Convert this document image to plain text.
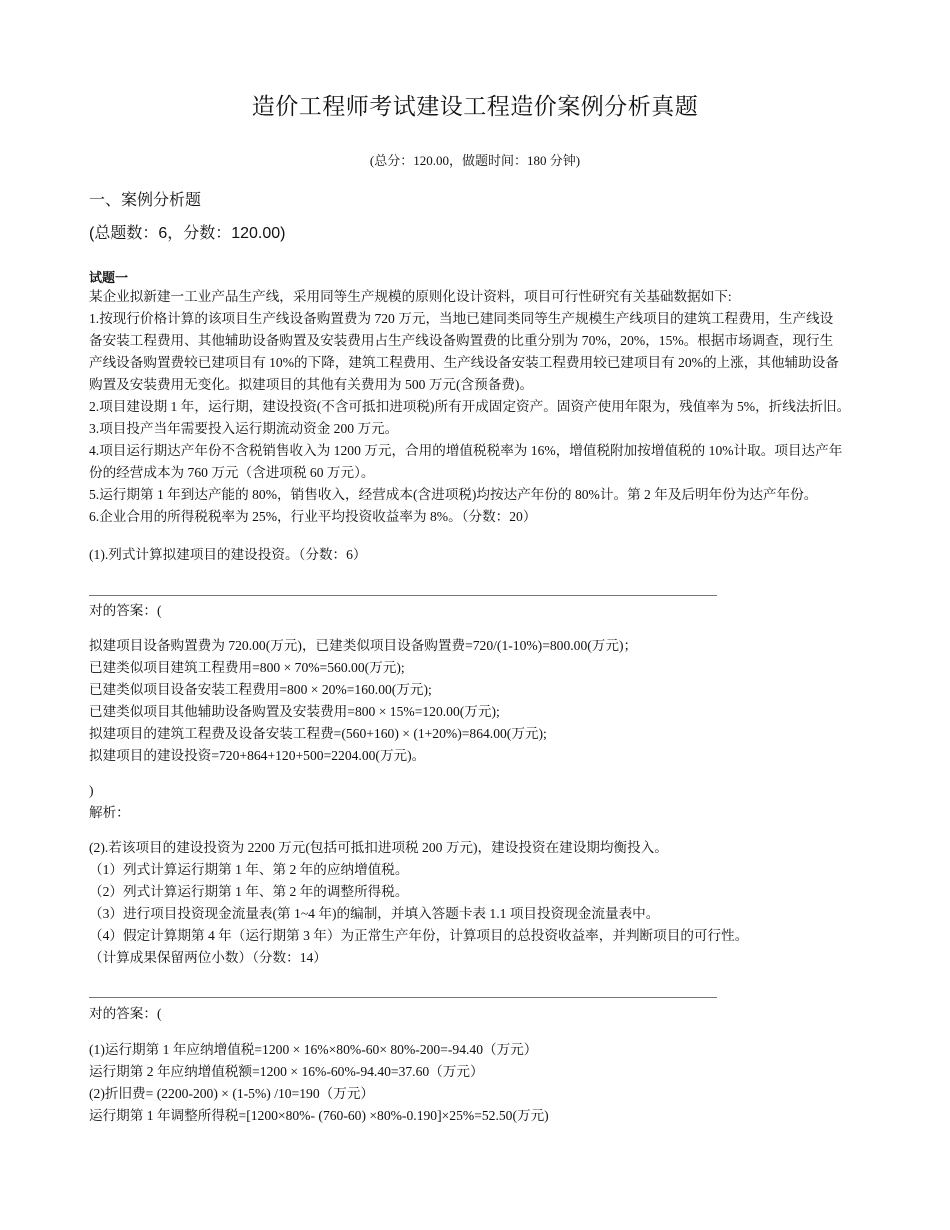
造价工程师考试建设工程造价案例分析真题
(总分：120.00，做题时间：180 分钟)
一、案例分析题
(总题数：6，分数：120.00)
试题一

某企业拟新建一工业产品生产线，采用同等生产规模的原则化设计资料，项目可行性研究有关基础数据如下:

1.按现行价格计算的该项目生产线设备购置费为 720 万元，当地已建同类同等生产规模生产线项目的建筑工程费用，生产线设

备安装工程费用、其他辅助设备购置及安装费用占生产线设备购置费的比重分别为 70%，20%，15%。根据市场调查，现行生

产线设备购置费较已建项目有 10%的下降，建筑工程费用、生产线设备安装工程费用较已建项目有 20%的上涨，其他辅助设备

购置及安装费用无变化。拟建项目的其他有关费用为 500 万元(含预备费)。

2.项目建设期 1 年，运行期，建设投资(不含可抵扣进项税)所有开成固定资产。固资产使用年限为，残值率为 5%，折线法折旧。

3.项目投产当年需要投入运行期流动资金 200 万元。

4.项目运行期达产年份不含税销售收入为 1200 万元，合用的增值税税率为 16%，增值税附加按增值税的 10%计取。项目达产年

份的经营成本为 760 万元（含进项税 60 万元）。

5.运行期第 1 年到达产能的 80%，销售收入，经营成本(含进项税)均按达产年份的 80%计。第 2 年及后明年份为达产年份。

6.企业合用的所得税税率为 25%，行业平均投资收益率为 8%。（分数：20）

(1).列式计算拟建项目的建设投资。（分数：6）

对的答案：(

拟建项目设备购置费为 720.00(万元)，已建类似项目设备购置费=720/(1-10%)=800.00(万元)；

已建类似项目建筑工程费用=800 × 70%=560.00(万元);

已建类似项目设备安装工程费用=800 × 20%=160.00(万元);

已建类似项目其他辅助设备购置及安装费用=800 × 15%=120.00(万元);

拟建项目的建筑工程费及设备安装工程费=(560+160) × (1+20%)=864.00(万元);

拟建项目的建设投资=720+864+120+500=2204.00(万元)。

)

解析：

(2).若该项目的建设投资为 2200 万元(包括可抵扣进项税 200 万元)，建设投资在建设期均衡投入。

（1）列式计算运行期第 1 年、第 2 年的应纳增值税。

（2）列式计算运行期第 1 年、第 2 年的调整所得税。

（3）进行项目投资现金流量表(第 1~4 年)的编制，并填入答题卡表 1.1 项目投资现金流量表中。

（4）假定计算期第 4 年（运行期第 3 年）为正常生产年份，计算项目的总投资收益率，并判断项目的可行性。

（计算成果保留两位小数）（分数：14）

对的答案：(

(1)运行期第 1 年应纳增值税=1200 × 16%×80%-60× 80%-200=-94.40（万元）

运行期第 2 年应纳增值税额=1200 × 16%-60%-94.40=37.60（万元）

(2)折旧费= (2200-200) × (1-5%) /10=190（万元）

运行期第 1 年调整所得税=[1200×80%- (760-60) ×80%-0.190]×25%=52.50(万元)
